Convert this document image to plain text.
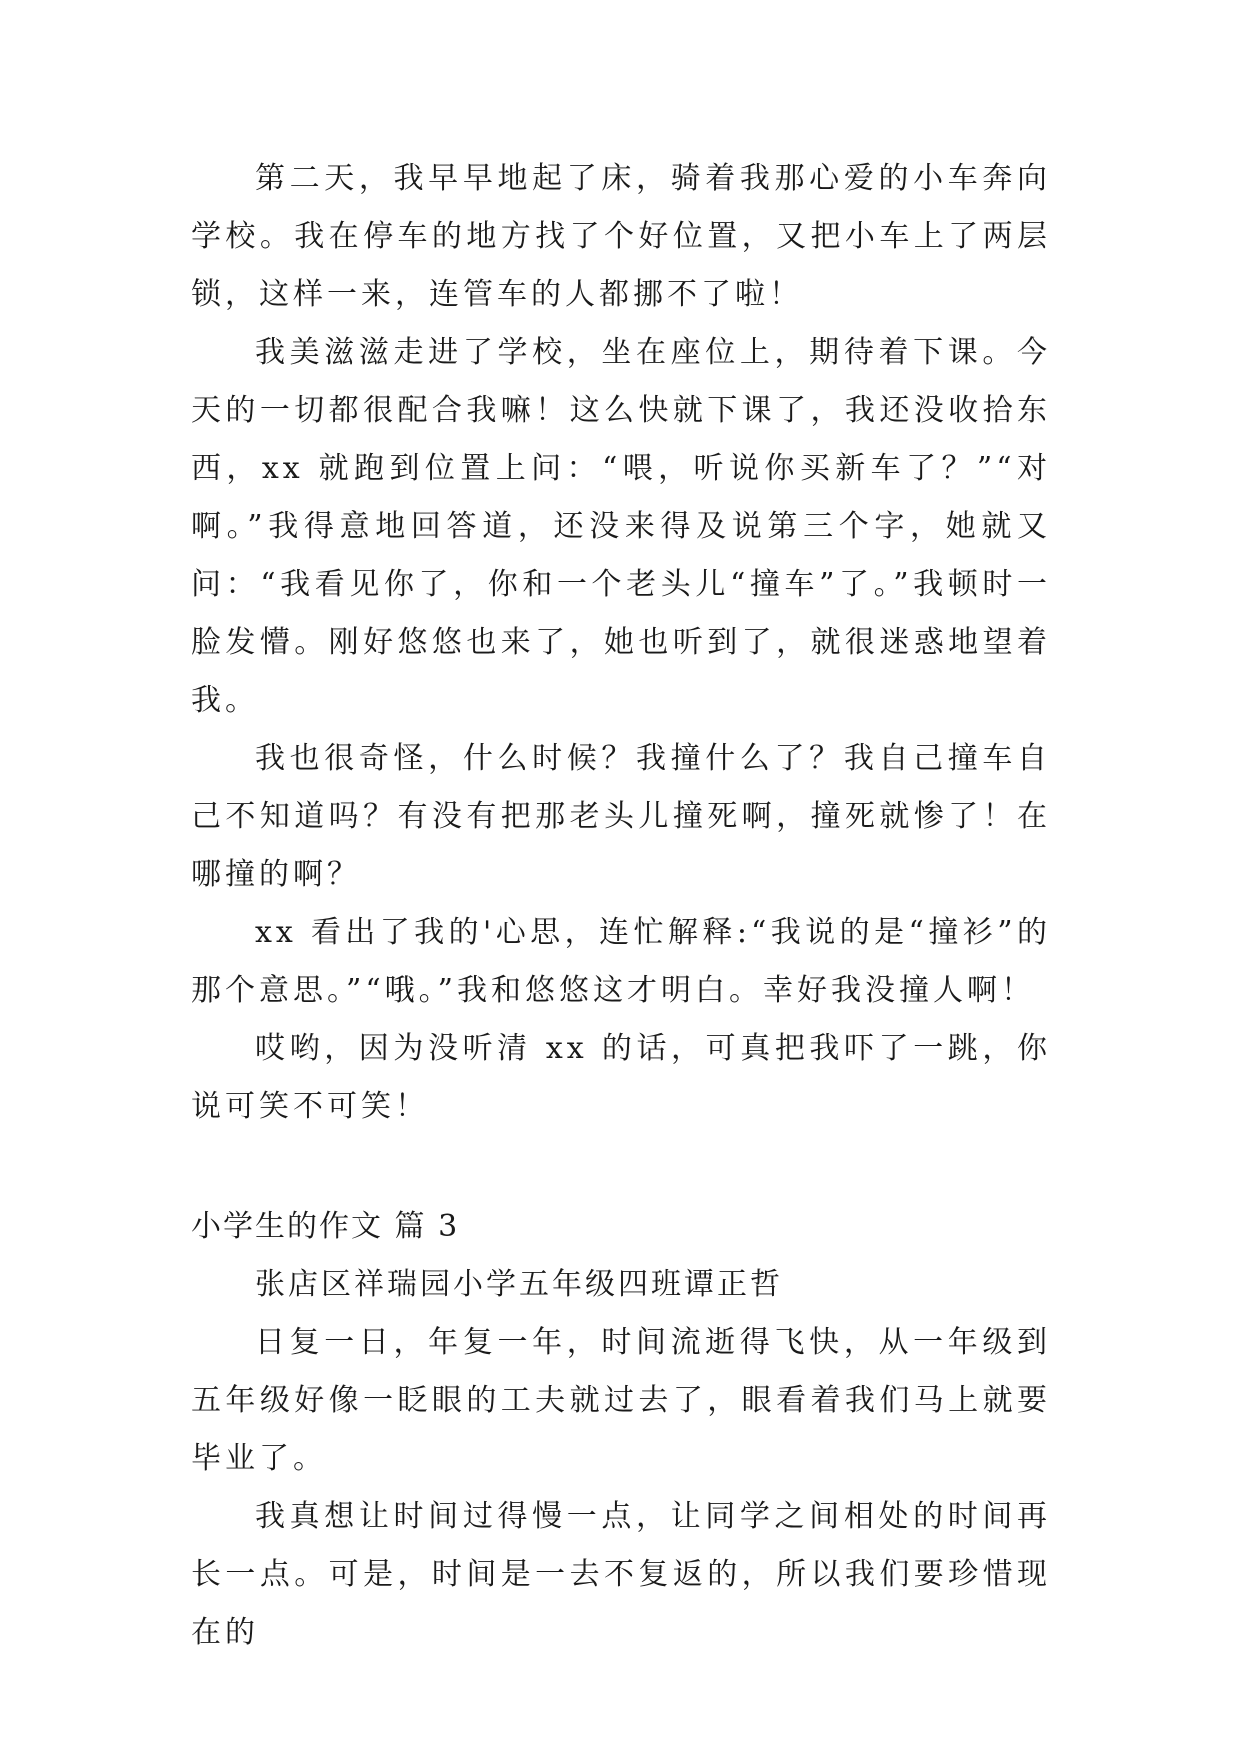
第二天，我早早地起了床，骑着我那心爱的小车奔向学校。我在停车的地方找了个好位置，又把小车上了两层锁，这样一来，连管车的人都挪不了啦！

我美滋滋走进了学校，坐在座位上，期待着下课。今天的一切都很配合我嘛！这么快就下课了，我还没收拾东西，xx 就跑到位置上问：“喂，听说你买新车了？”“对啊。”我得意地回答道，还没来得及说第三个字，她就又问：“我看见你了，你和一个老头儿“撞车”了。”我顿时一脸发懵。刚好悠悠也来了，她也听到了，就很迷惑地望着我。

我也很奇怪，什么时候？我撞什么了？我自己撞车自己不知道吗？有没有把那老头儿撞死啊，撞死就惨了！在哪撞的啊？

xx 看出了我的'心思，连忙解释:“我说的是“撞衫”的那个意思。”“哦。”我和悠悠这才明白。幸好我没撞人啊！

哎哟，因为没听清 xx 的话，可真把我吓了一跳，你说可笑不可笑！

小学生的作文 篇 3

张店区祥瑞园小学五年级四班谭正哲

日复一日，年复一年，时间流逝得飞快，从一年级到五年级好像一眨眼的工夫就过去了，眼看着我们马上就要毕业了。

我真想让时间过得慢一点，让同学之间相处的时间再长一点。可是，时间是一去不复返的，所以我们要珍惜现在的
